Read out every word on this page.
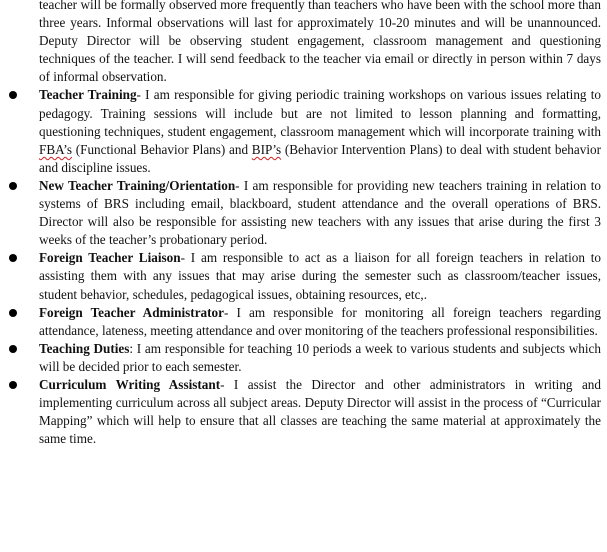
teacher will be formally observed more frequently than teachers who have been with the school more than three years. Informal observations will last for approximately 10-20 minutes and will be unannounced. Deputy Director will be observing student engagement, classroom management and questioning techniques of the teacher. I will send feedback to the teacher via email or directly in person within 7 days of informal observation.

Teacher Training- I am responsible for giving periodic training workshops on various issues relating to pedagogy. Training sessions will include but are not limited to lesson planning and formatting, questioning techniques, student engagement, classroom management which will incorporate training with FBA’s (Functional Behavior Plans) and BIP’s (Behavior Intervention Plans) to deal with student behavior and discipline issues.
New Teacher Training/Orientation- I am responsible for providing new teachers training in relation to systems of BRS including email, blackboard, student attendance and the overall operations of BRS. Director will also be responsible for assisting new teachers with any issues that arise during the first 3 weeks of the teacher’s probationary period.
Foreign Teacher Liaison- I am responsible to act as a liaison for all foreign teachers in relation to assisting them with any issues that may arise during the semester such as classroom/teacher issues, student behavior, schedules, pedagogical issues, obtaining resources, etc,.
Foreign Teacher Administrator- I am responsible for monitoring all foreign teachers regarding attendance, lateness, meeting attendance and over monitoring of the teachers professional responsibilities.
Teaching Duties: I am responsible for teaching 10 periods a week to various students and subjects which will be decided prior to each semester.
Curriculum Writing Assistant- I assist the Director and other administrators in writing and implementing curriculum across all subject areas. Deputy Director will assist in the process of “Curricular Mapping” which will help to ensure that all classes are teaching the same material at approximately the same time.
